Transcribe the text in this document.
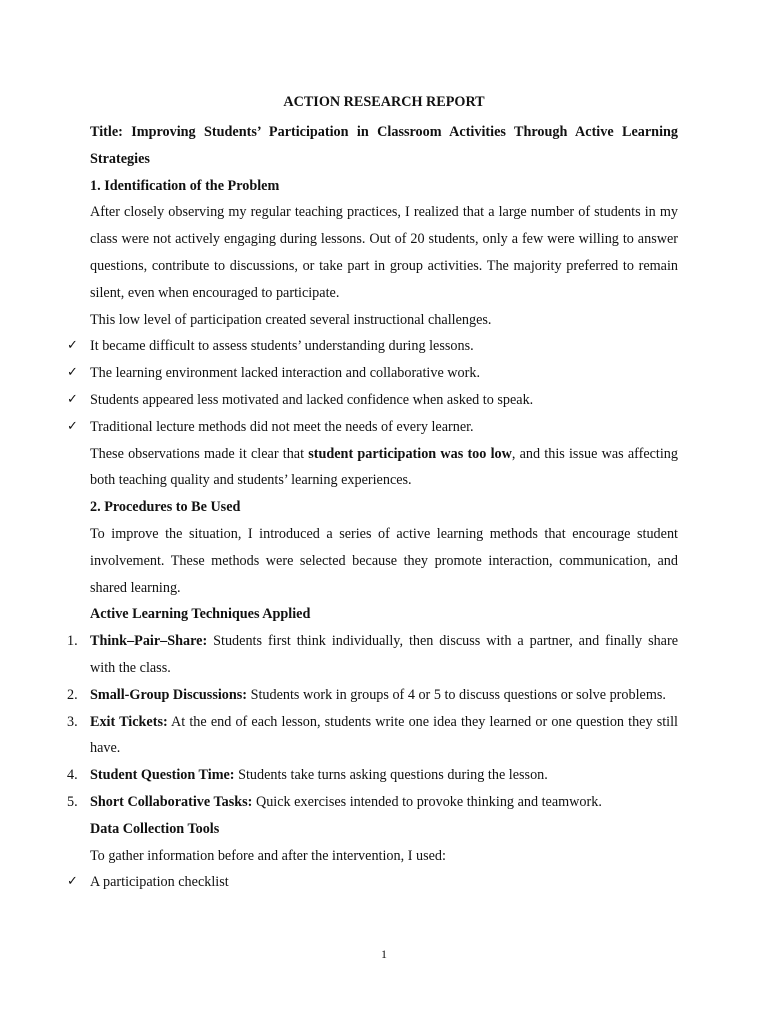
ACTION RESEARCH REPORT

Title: Improving Students’ Participation in Classroom Activities Through Active Learning Strategies

1. Identification of the Problem

After closely observing my regular teaching practices, I realized that a large number of students in my class were not actively engaging during lessons. Out of 20 students, only a few were willing to answer questions, contribute to discussions, or take part in group activities. The majority preferred to remain silent, even when encouraged to participate.

This low level of participation created several instructional challenges.

✓ It became difficult to assess students’ understanding during lessons.

✓ The learning environment lacked interaction and collaborative work.

✓ Students appeared less motivated and lacked confidence when asked to speak.

✓ Traditional lecture methods did not meet the needs of every learner.

These observations made it clear that student participation was too low, and this issue was affecting both teaching quality and students’ learning experiences.

2. Procedures to Be Used

To improve the situation, I introduced a series of active learning methods that encourage student involvement. These methods were selected because they promote interaction, communication, and shared learning.

Active Learning Techniques Applied

1. Think–Pair–Share: Students first think individually, then discuss with a partner, and finally share with the class.

2. Small-Group Discussions: Students work in groups of 4 or 5 to discuss questions or solve problems.

3. Exit Tickets: At the end of each lesson, students write one idea they learned or one question they still have.

4. Student Question Time: Students take turns asking questions during the lesson.

5. Short Collaborative Tasks: Quick exercises intended to provoke thinking and teamwork.

Data Collection Tools

To gather information before and after the intervention, I used:

✓ A participation checklist

1
